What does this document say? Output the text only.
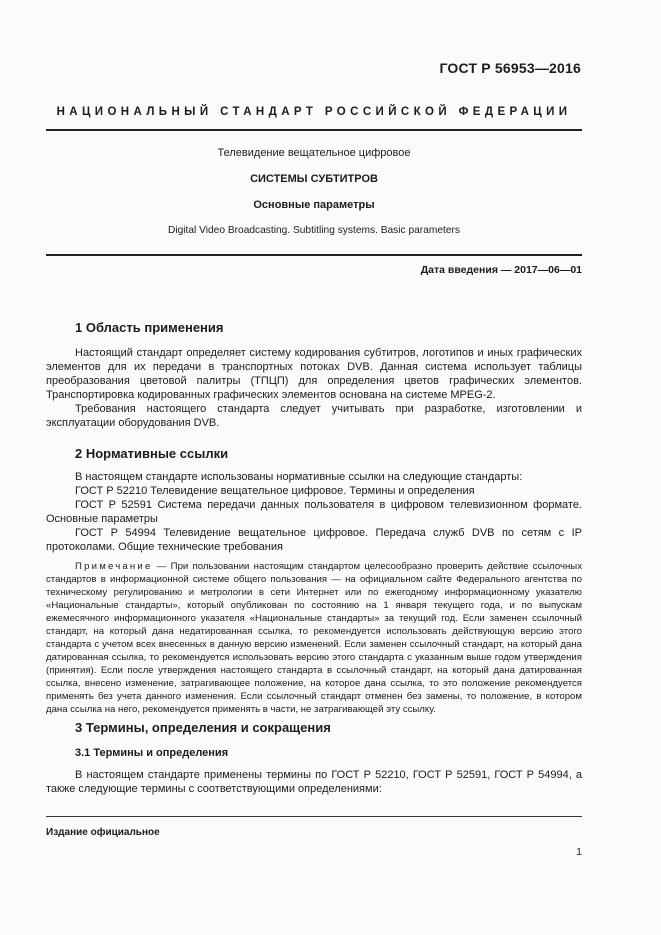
ГОСТ Р 56953—2016
НАЦИОНАЛЬНЫЙ СТАНДАРТ РОССИЙСКОЙ ФЕДЕРАЦИИ
Телевидение вещательное цифровое
СИСТЕМЫ СУБТИТРОВ
Основные параметры
Digital Video Broadcasting. Subtitling systems. Basic parameters
Дата введения — 2017—06—01
1 Область применения

Настоящий стандарт определяет систему кодирования субтитров, логотипов и иных графических элементов для их передачи в транспортных потоках DVB. Данная система использует таблицы преобразования цветовой палитры (ТПЦП) для определения цветов графических элементов. Транспортировка кодированных графических элементов основана на системе MPEG-2.

Требования настоящего стандарта следует учитывать при разработке, изготовлении и эксплуатации оборудования DVB.

2 Нормативные ссылки

В настоящем стандарте использованы нормативные ссылки на следующие стандарты:

ГОСТ Р 52210 Телевидение вещательное цифровое. Термины и определения

ГОСТ Р 52591 Система передачи данных пользователя в цифровом телевизионном формате. Основные параметры

ГОСТ Р 54994 Телевидение вещательное цифровое. Передача служб DVB по сетям с IP протоколами. Общие технические требования

Примечание — При пользовании настоящим стандартом целесообразно проверить действие ссылочных стандартов в информационной системе общего пользования — на официальном сайте Федерального агентства по техническому регулированию и метрологии в сети Интернет или по ежегодному информационному указателю «Национальные стандарты», который опубликован по состоянию на 1 января текущего года, и по выпускам ежемесячного информационного указателя «Национальные стандарты» за текущий год. Если заменен ссылочный стандарт, на который дана недатированная ссылка, то рекомендуется использовать действующую версию этого стандарта с учетом всех внесенных в данную версию изменений. Если заменен ссылочный стандарт, на который дана датированная ссылка, то рекомендуется использовать версию этого стандарта с указанным выше годом утверждения (принятия). Если после утверждения настоящего стандарта в ссылочный стандарт, на который дана датированная ссылка, внесено изменение, затрагивающее положение, на которое дана ссылка, то это положение рекомендуется применять без учета данного изменения. Если ссылочный стандарт отменен без замены, то положение, в котором дана ссылка на него, рекомендуется применять в части, не затрагивающей эту ссылку.

3 Термины, определения и сокращения
3.1 Термины и определения

В настоящем стандарте применены термины по ГОСТ Р 52210, ГОСТ Р 52591, ГОСТ Р 54994, а также следующие термины с соответствующими определениями:

Издание официальное
1
